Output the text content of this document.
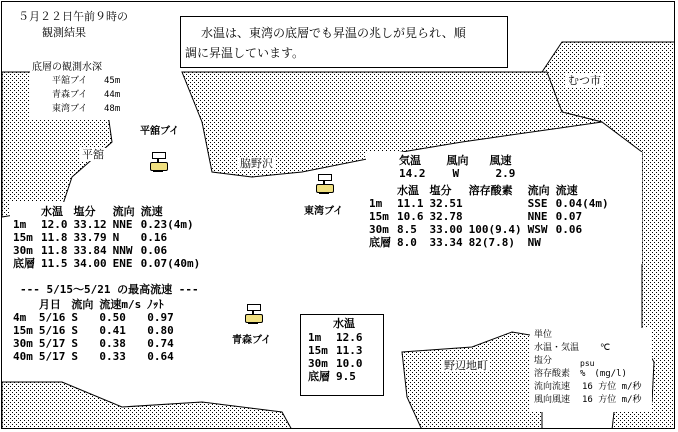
５月２２日午前９時の
観測結果	水温は、東湾の底層でも昇温の兆しが見られ、順
調に昇温しています。
底層の観測水深
平舘ブイ 45m
青森ブイ 44m
東湾ブイ 48m
むつ市
平舘
脇野沢
野辺地町
平舘ブイ
東湾ブイ
青森ブイ
	水温	塩分	流向	流速
1m	12.0	33.12	NNE	0.23(4m)
15m	11.8	33.79	N	0.16
30m	11.8	33.84	NNW	0.06
底層	11.5	34.00	ENE	0.07(40m)
--- 5/15～5/21 の最高流速 ---
	月日	流向	流速m/s	ﾉｯﾄ
4m	5/16	S	0.50	0.97
15m	5/16	S	0.41	0.80
30m	5/17	S	0.38	0.74
40m	5/17	S	0.33	0.64
水温
1m	12.6
15m	11.3
30m	10.0
底層	9.5
気温	風向	風速
14.2	W	2.9
	水温	塩分	溶存酸素	流向	流速
1m	11.1	32.51		SSE	0.04(4m)
15m	10.6	32.78		NNE	0.07
30m	8.5	33.00	100(9.4)	WSW	0.06
底層	8.0	33.34	82(7.8)	NW	
単位
水温・気温 ℃
塩分	psu
溶存酸素 %　(mg/l)
流向流速 16 方位 m/秒
風向風速 16 方位 m/秒
